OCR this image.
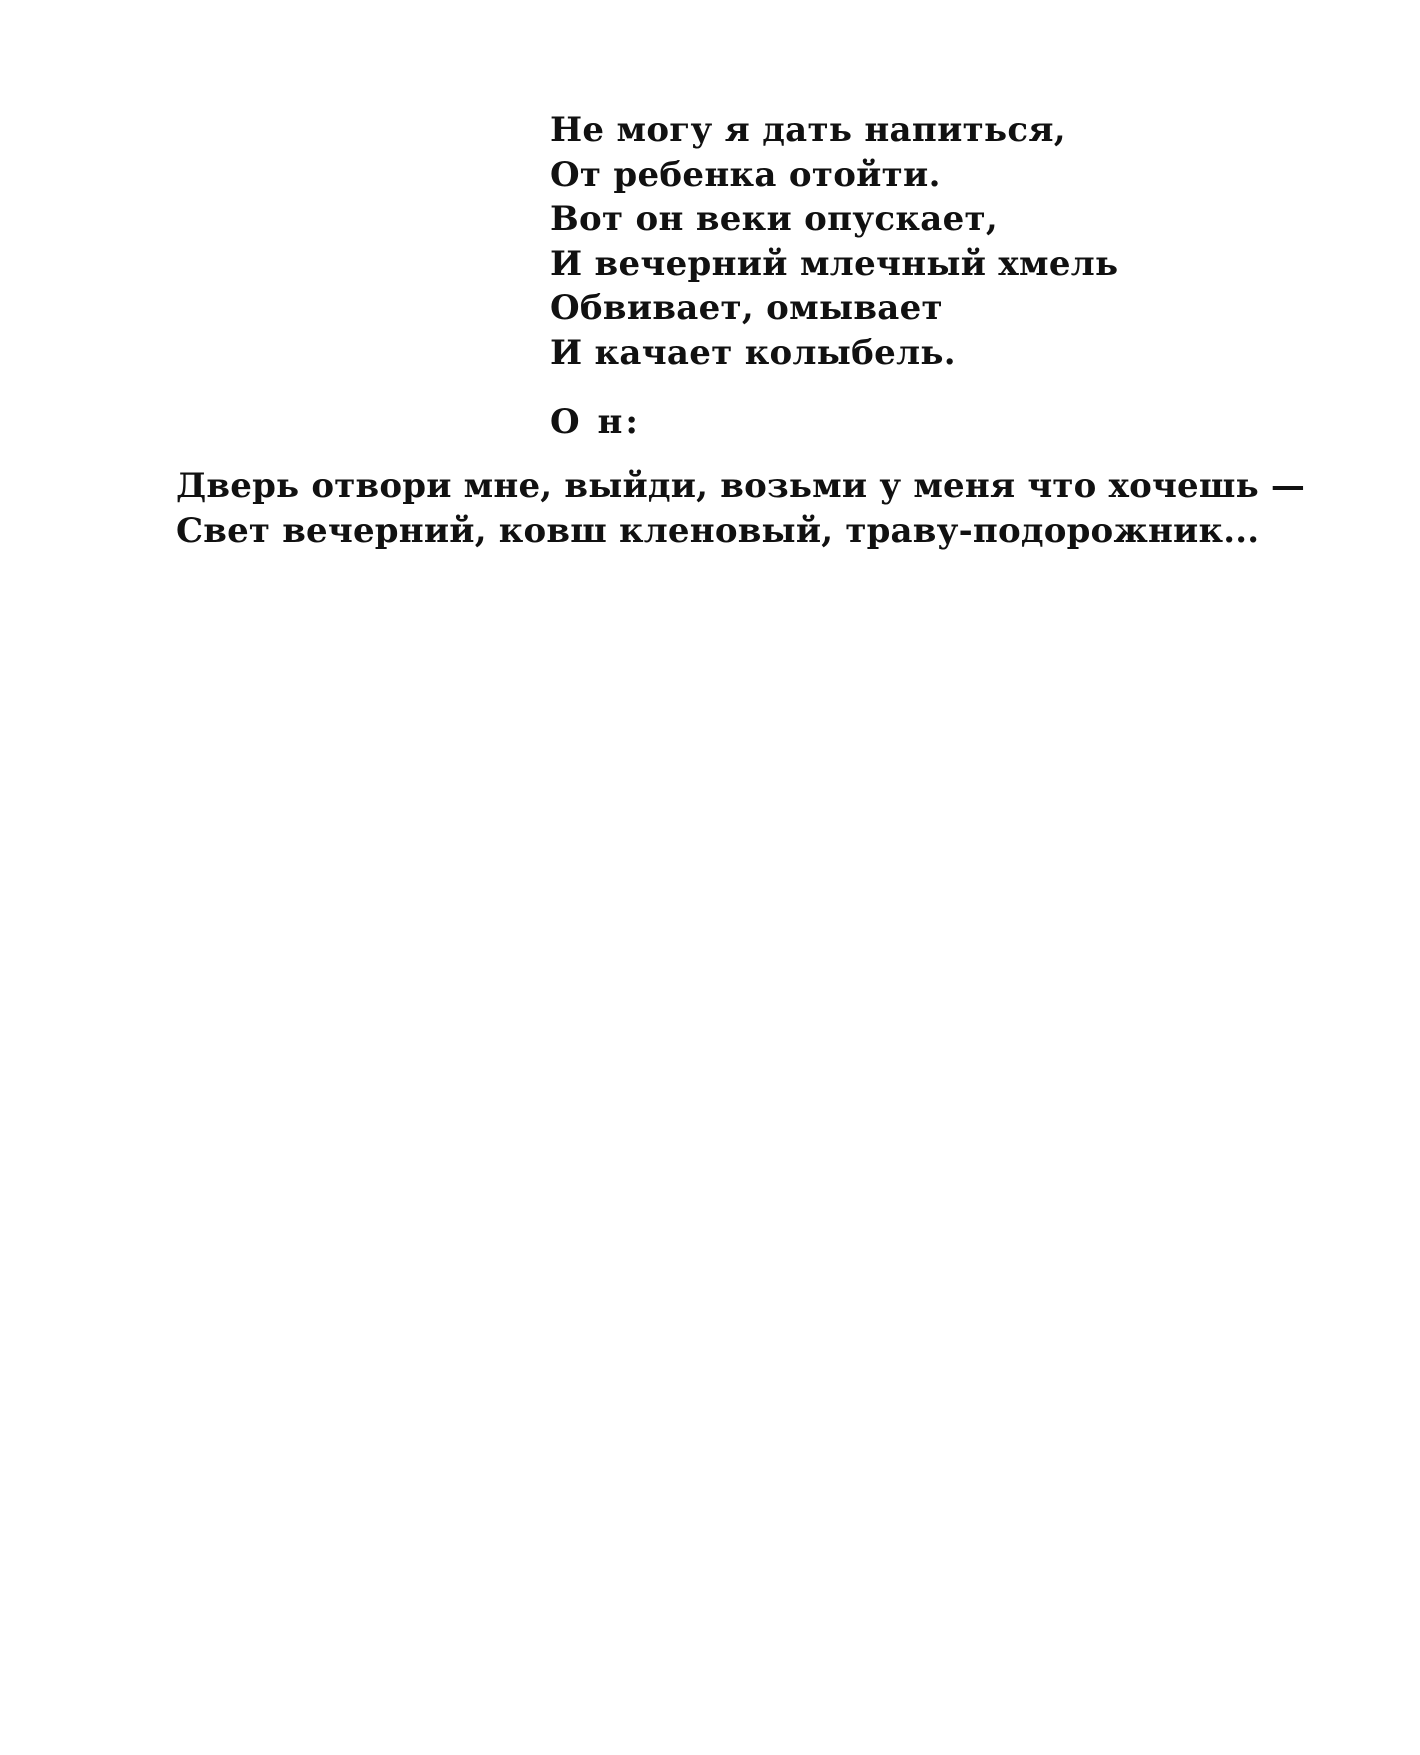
Не могу я дать напиться,
От ребенка отойти.
Вот он веки опускает,
И вечерний млечный хмель
Обвивает, омывает
И качает колыбель.
О н:
Дверь отвори мне, выйди, возьми у меня что хочешь —
Свет вечерний, ковш кленовый, траву-подорожник...
